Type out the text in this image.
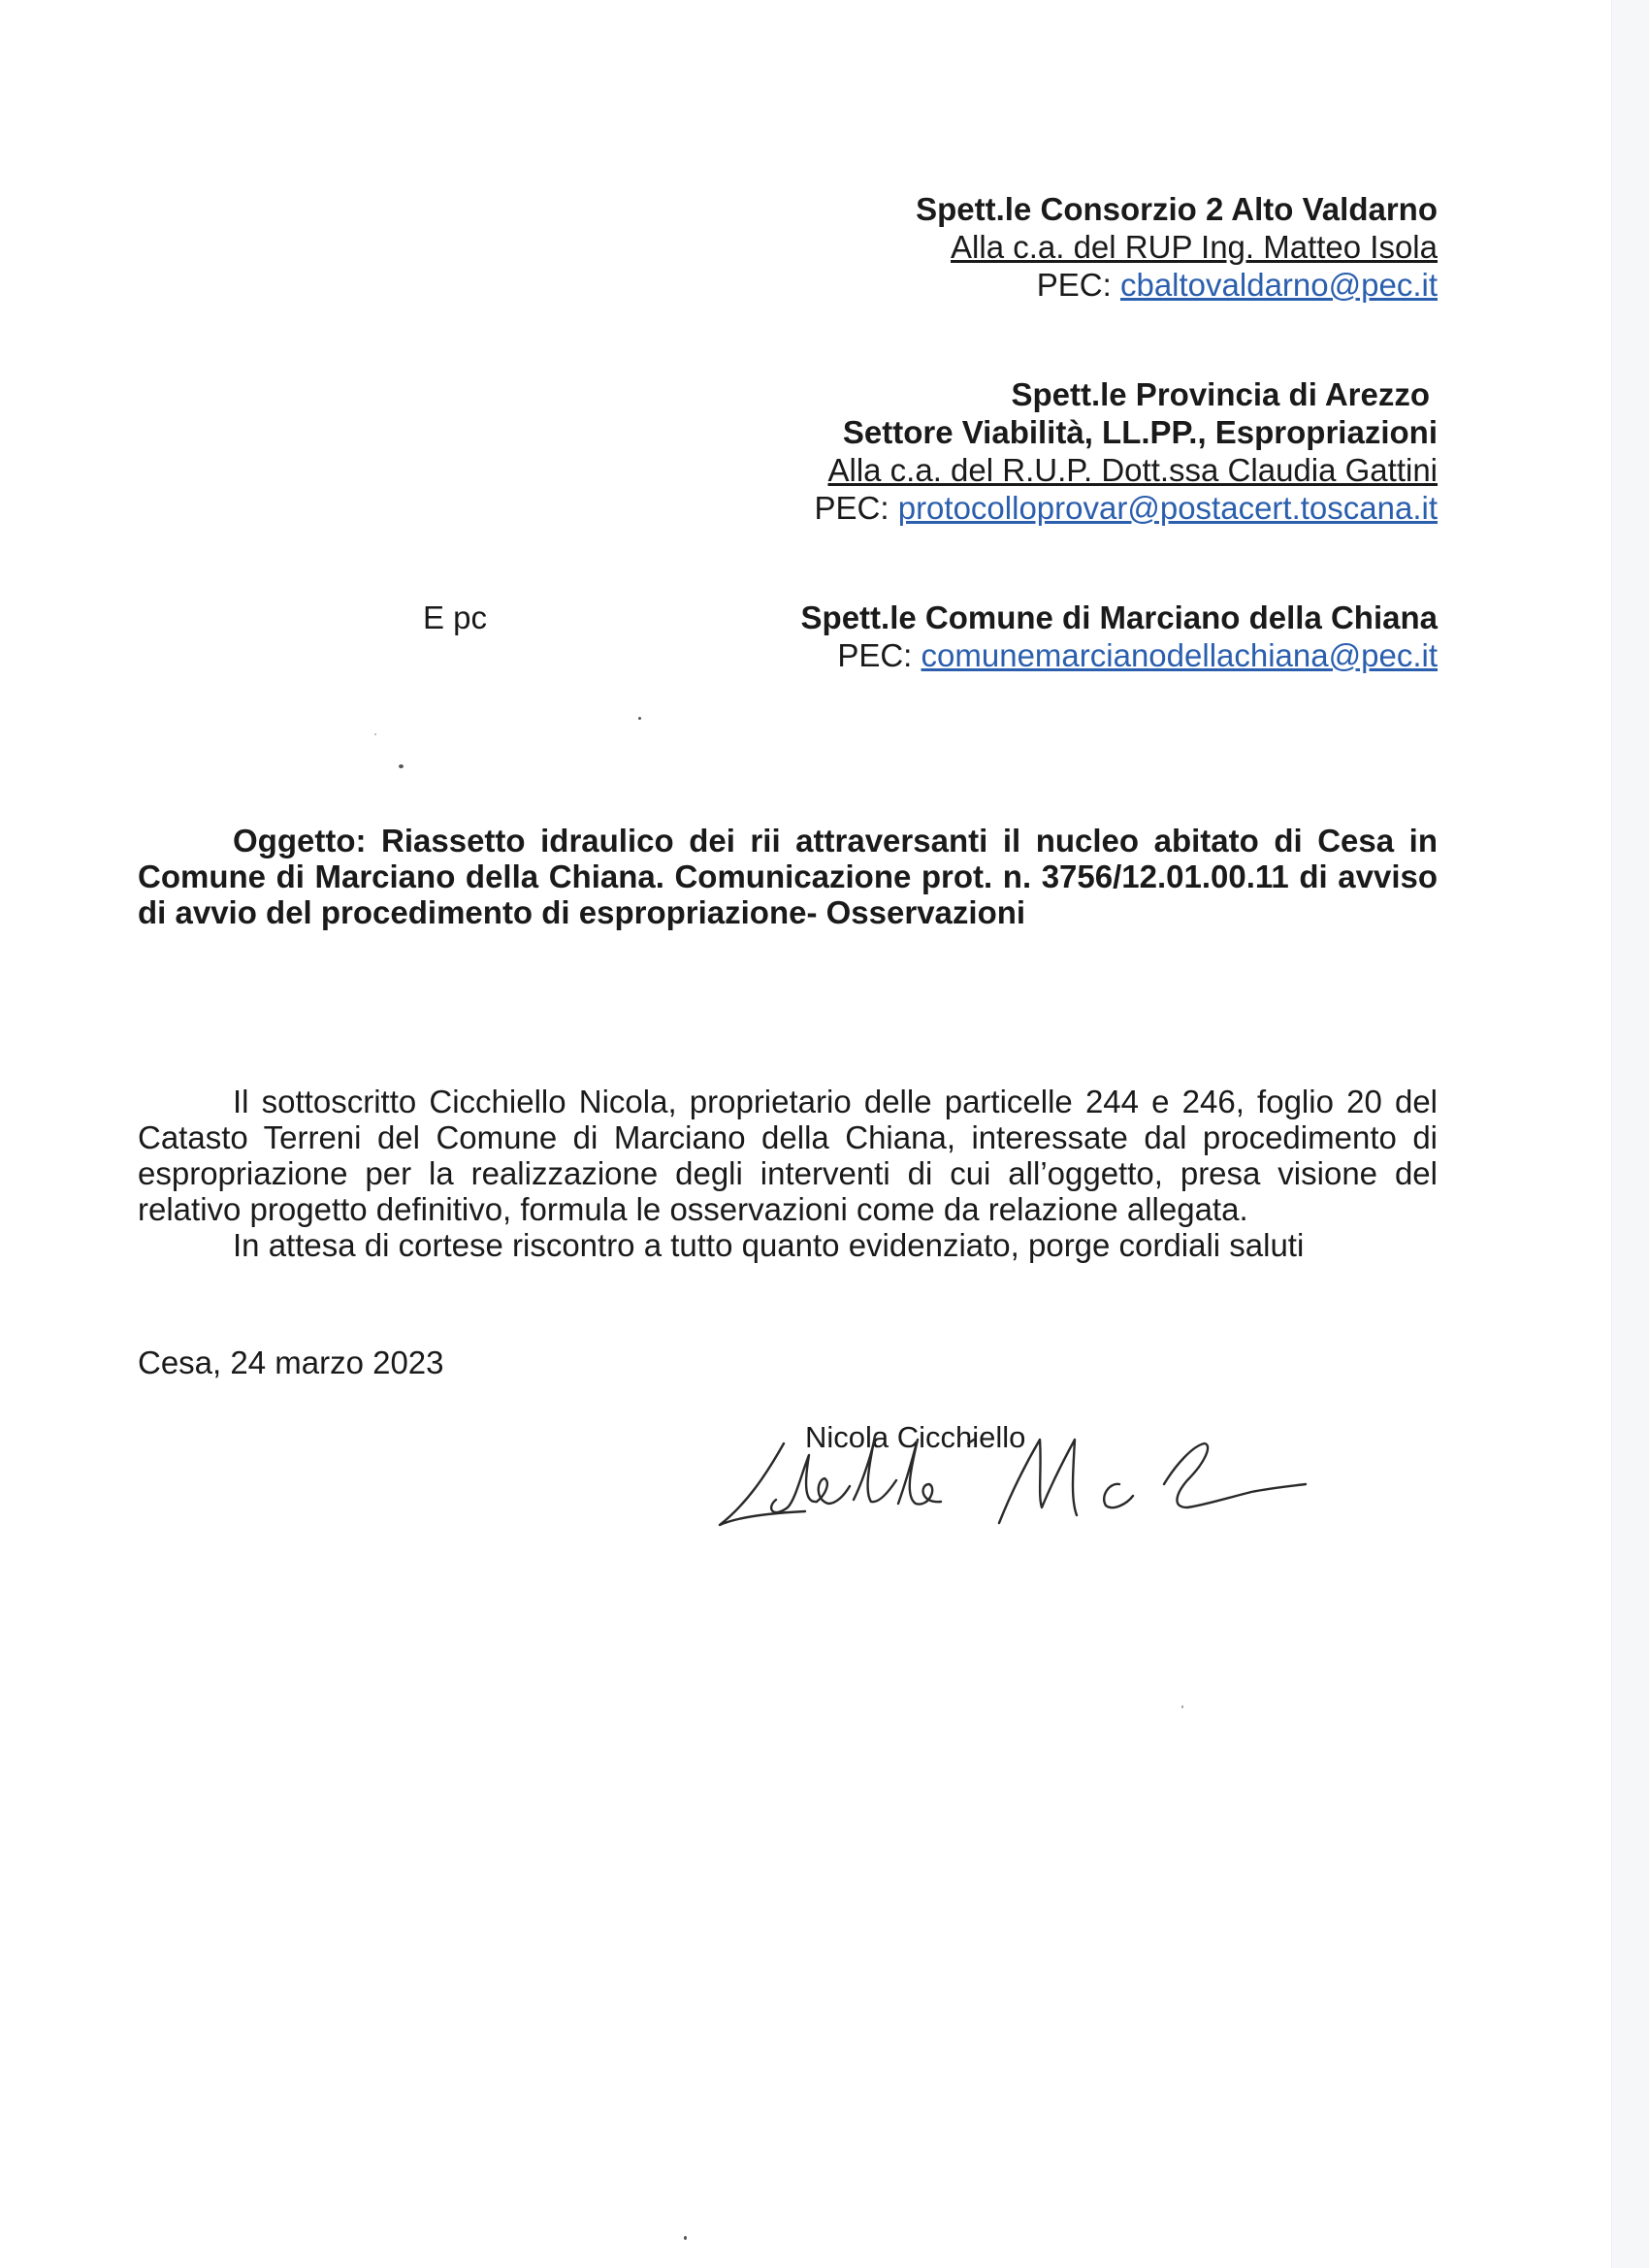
Spett.le Consorzio 2 Alto Valdarno
Alla c.a. del RUP Ing. Matteo Isola
PEC: cbaltovaldarno@pec.it
Spett.le Provincia di Arezzo
Settore Viabilità, LL.PP., Espropriazioni
Alla c.a. del R.U.P. Dott.ssa Claudia Gattini
PEC: protocolloprovar@postacert.toscana.it
E pc	Spett.le Comune di Marciano della Chiana
PEC: comunemarcianodellachiana@pec.it
Oggetto: Riassetto idraulico dei rii attraversanti il nucleo abitato di Cesa in Comune di Marciano della Chiana. Comunicazione prot. n. 3756/12.01.00.11 di avviso di avvio del procedimento di espropriazione- Osservazioni

Il sottoscritto Cicchiello Nicola, proprietario delle particelle 244 e 246, foglio 20 del Catasto Terreni del Comune di Marciano della Chiana, interessate dal procedimento di espropriazione per la realizzazione degli interventi di cui all’oggetto, presa visione del relativo progetto definitivo, formula le osservazioni come da relazione allegata.

In attesa di cortese riscontro a tutto quanto evidenziato, porge cordiali saluti

Cesa, 24 marzo 2023
Nicola Cicchiello
